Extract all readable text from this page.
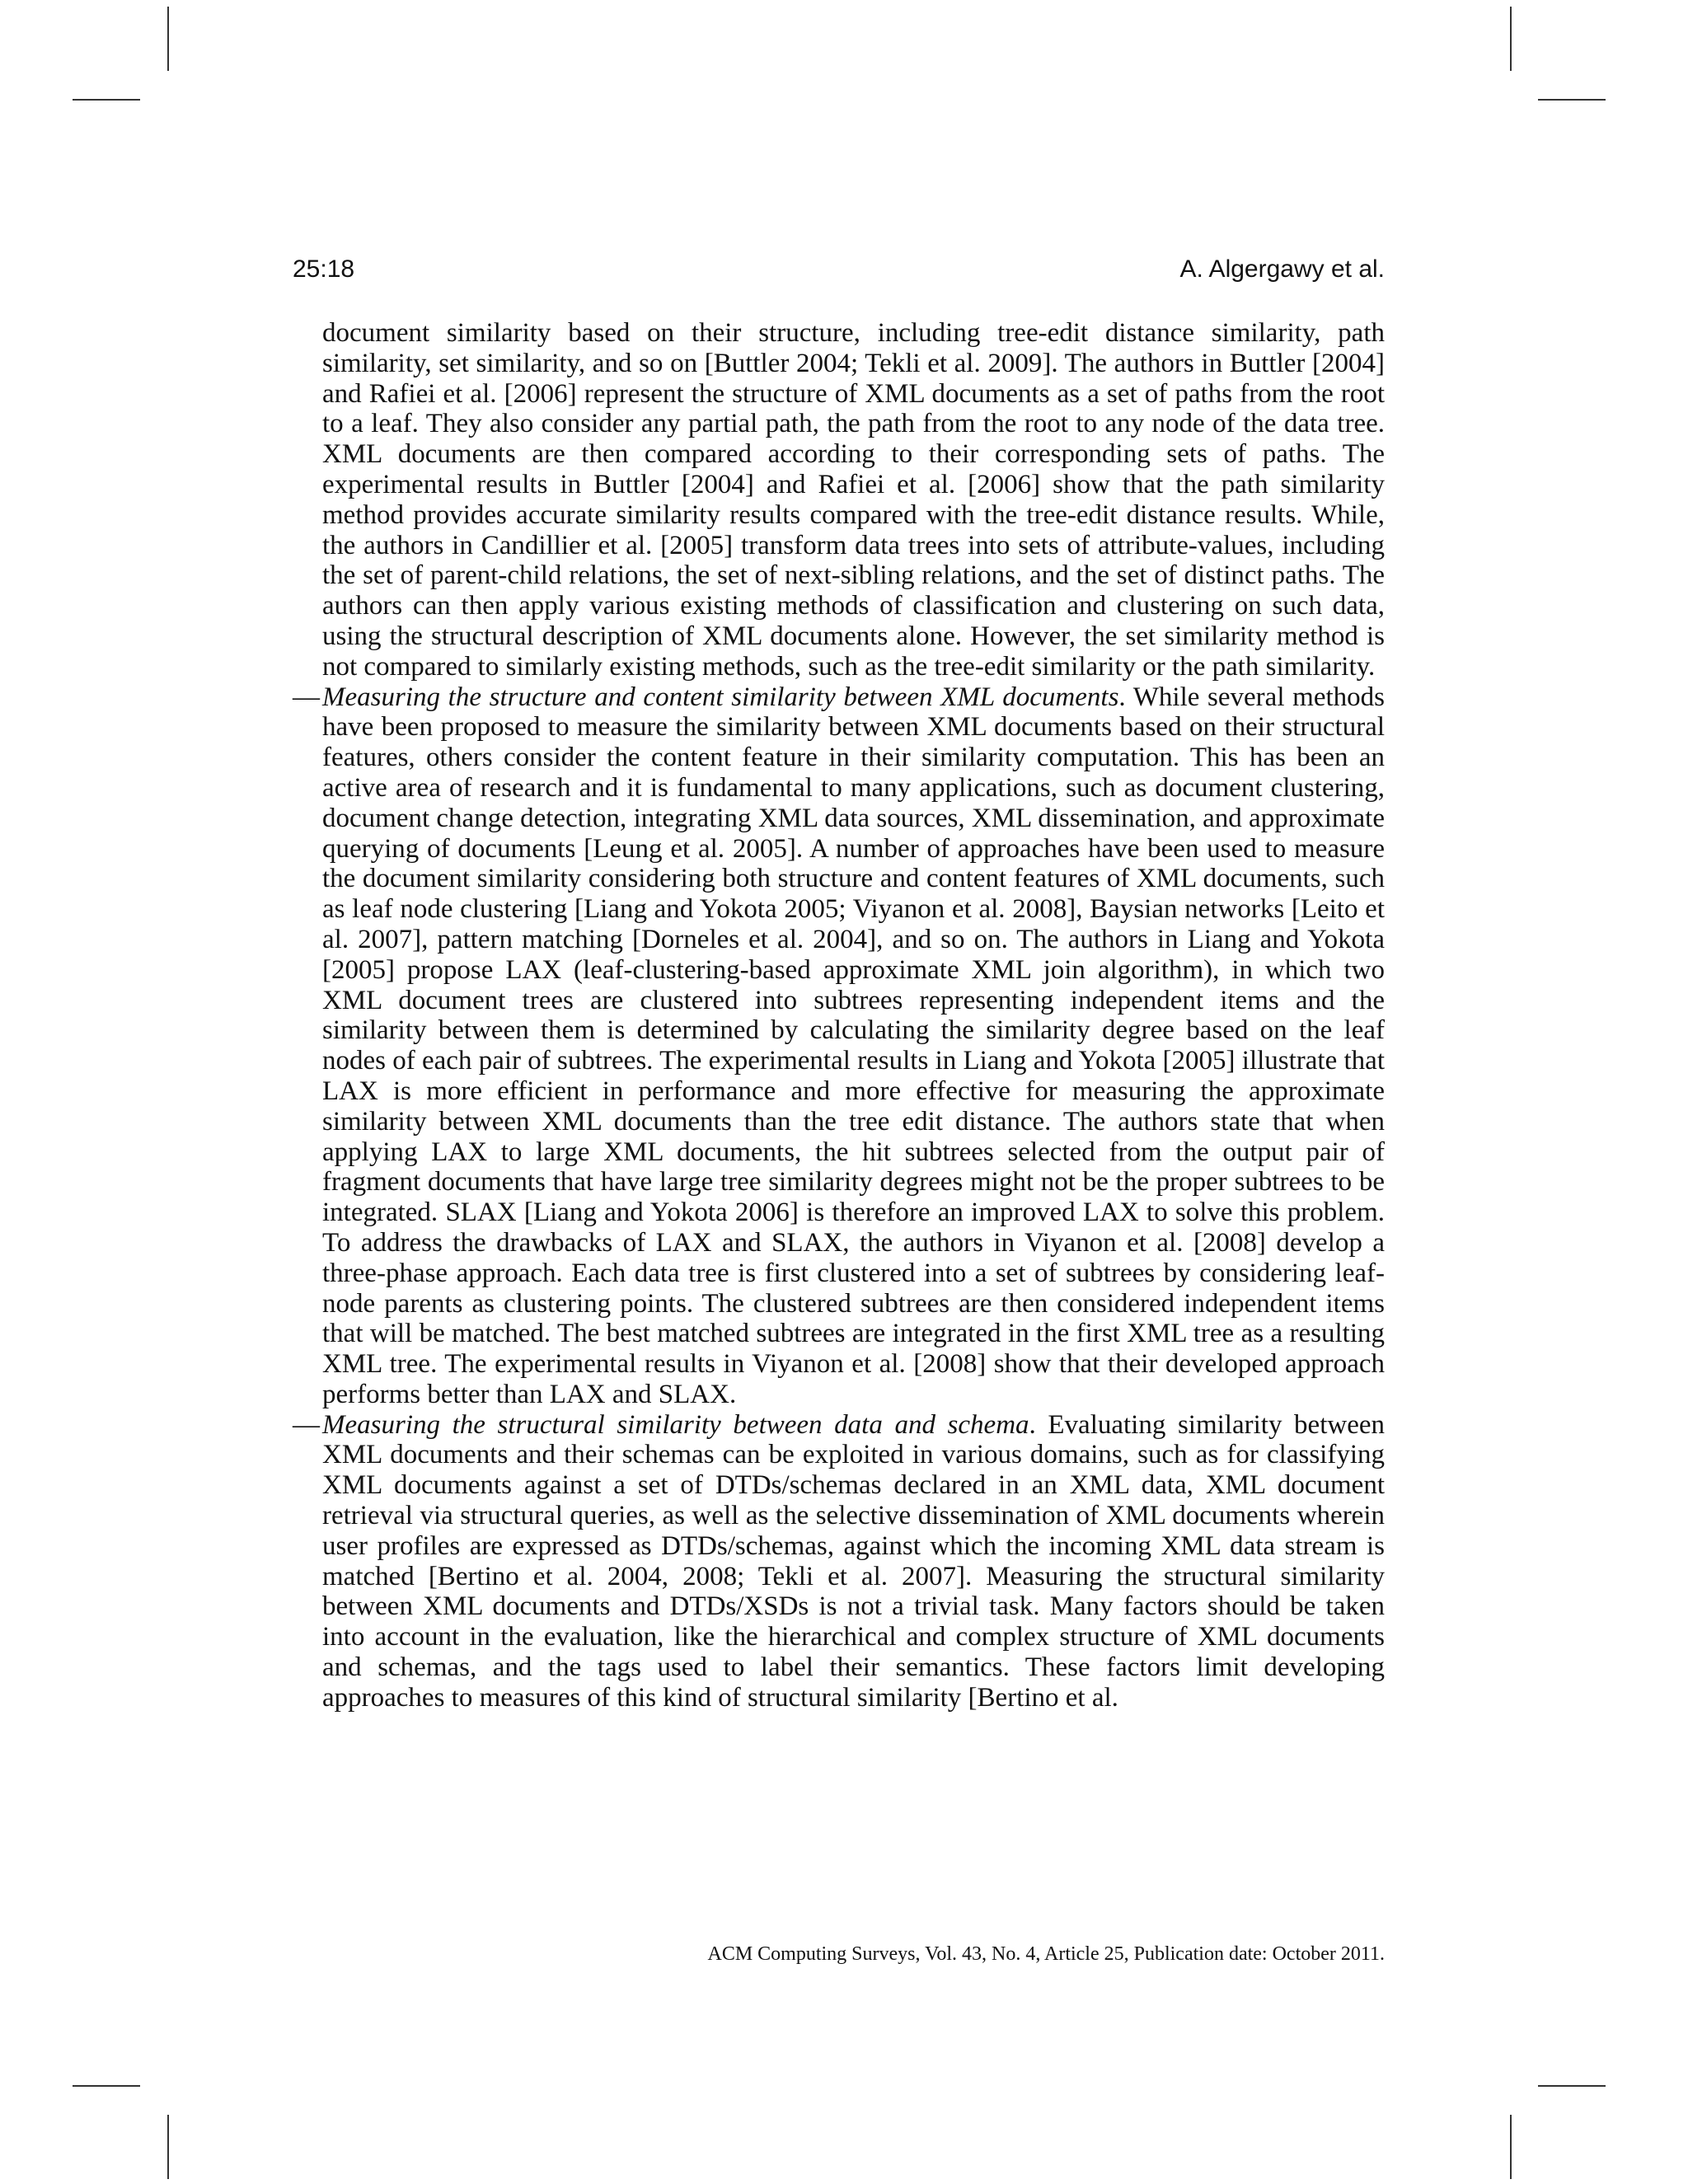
25:18	A. Algergawy et al.

document similarity based on their structure, including tree-edit distance similarity, path similarity, set similarity, and so on [Buttler 2004; Tekli et al. 2009]. The authors in Buttler [2004] and Rafiei et al. [2006] represent the structure of XML documents as a set of paths from the root to a leaf. They also consider any partial path, the path from the root to any node of the data tree. XML documents are then compared according to their corresponding sets of paths. The experimental results in Buttler [2004] and Rafiei et al. [2006] show that the path similarity method provides accurate similarity results compared with the tree-edit distance results. While, the authors in Candillier et al. [2005] transform data trees into sets of attribute-values, including the set of parent-child relations, the set of next-sibling relations, and the set of distinct paths. The authors can then apply various existing methods of classification and clustering on such data, using the structural description of XML documents alone. However, the set similarity method is not compared to similarly existing methods, such as the tree-edit similarity or the path similarity.

— Measuring the structure and content similarity between XML documents. While several methods have been proposed to measure the similarity between XML documents based on their structural features, others consider the content feature in their similarity computation. This has been an active area of research and it is fundamental to many applications, such as document clustering, document change detection, integrating XML data sources, XML dissemination, and approximate querying of documents [Leung et al. 2005]. A number of approaches have been used to measure the document similarity considering both structure and content features of XML documents, such as leaf node clustering [Liang and Yokota 2005; Viyanon et al. 2008], Baysian networks [Leito et al. 2007], pattern matching [Dorneles et al. 2004], and so on. The authors in Liang and Yokota [2005] propose LAX (leaf-clustering-based approximate XML join algorithm), in which two XML document trees are clustered into subtrees representing independent items and the similarity between them is determined by calculating the similarity degree based on the leaf nodes of each pair of subtrees. The experimental results in Liang and Yokota [2005] illustrate that LAX is more efficient in performance and more effective for measuring the approximate similarity between XML documents than the tree edit distance. The authors state that when applying LAX to large XML documents, the hit subtrees selected from the output pair of fragment documents that have large tree similarity degrees might not be the proper subtrees to be integrated. SLAX [Liang and Yokota 2006] is therefore an improved LAX to solve this problem. To address the drawbacks of LAX and SLAX, the authors in Viyanon et al. [2008] develop a three-phase approach. Each data tree is first clustered into a set of subtrees by considering leaf-node parents as clustering points. The clustered subtrees are then considered independent items that will be matched. The best matched subtrees are integrated in the first XML tree as a resulting XML tree. The experimental results in Viyanon et al. [2008] show that their developed approach performs better than LAX and SLAX.

— Measuring the structural similarity between data and schema. Evaluating similarity between XML documents and their schemas can be exploited in various domains, such as for classifying XML documents against a set of DTDs/schemas declared in an XML data, XML document retrieval via structural queries, as well as the selective dissemination of XML documents wherein user profiles are expressed as DTDs/schemas, against which the incoming XML data stream is matched [Bertino et al. 2004, 2008; Tekli et al. 2007]. Measuring the structural similarity between XML documents and DTDs/XSDs is not a trivial task. Many factors should be taken into account in the evaluation, like the hierarchical and complex structure of XML documents and schemas, and the tags used to label their semantics. These factors limit developing approaches to measures of this kind of structural similarity [Bertino et al.

ACM Computing Surveys, Vol. 43, No. 4, Article 25, Publication date: October 2011.
